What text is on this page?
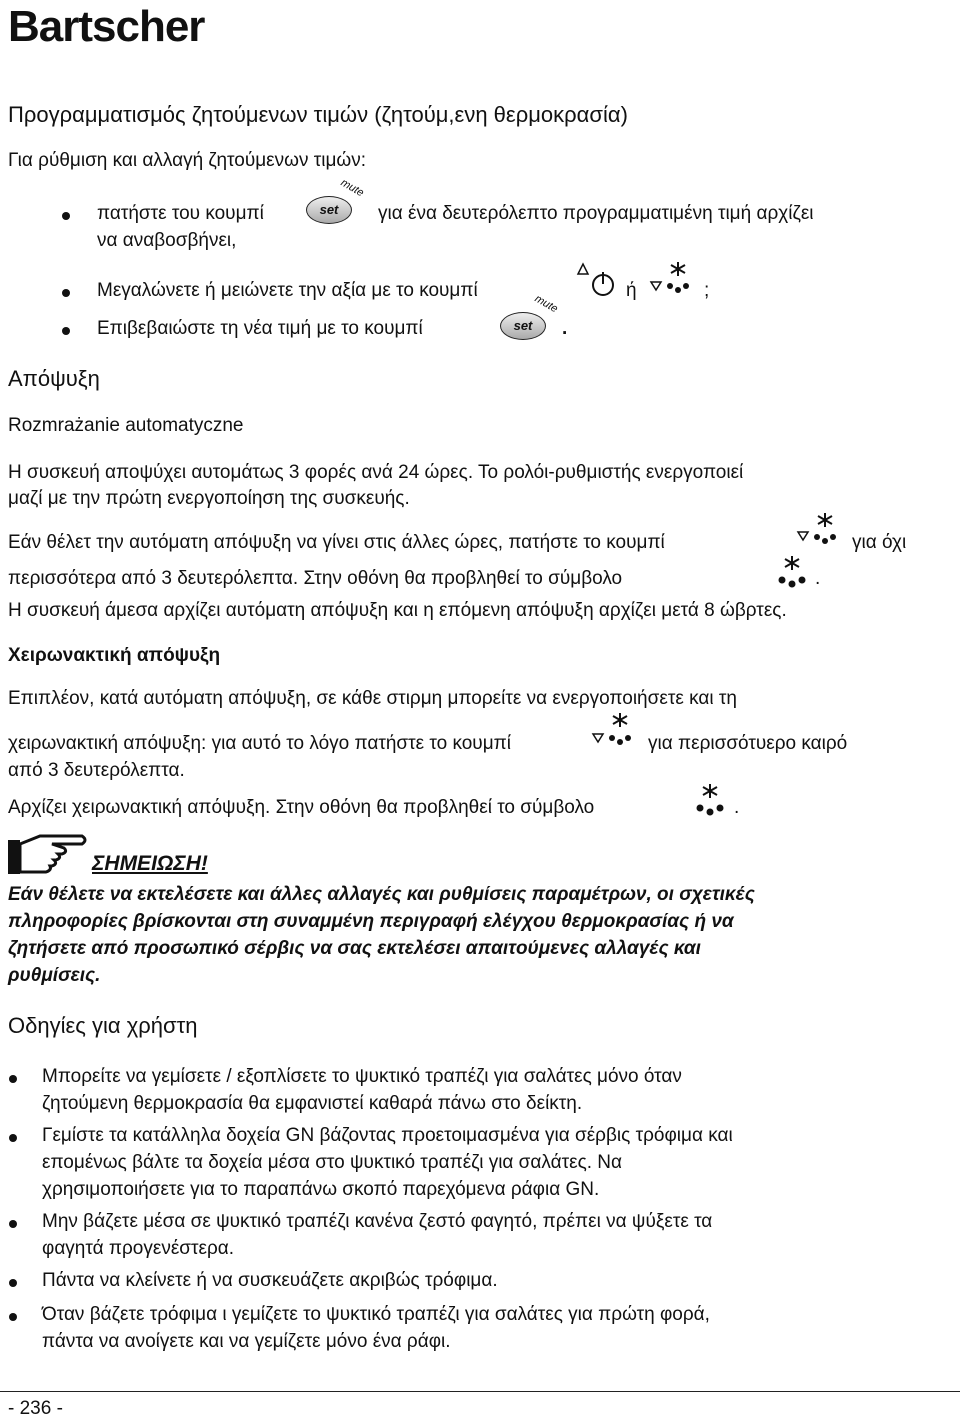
Bartscher
Προγραμματισμός ζητούμενων τιμών (ζητούμ,ενη θερμοκρασία)
Για ρύθμιση και αλλαγή ζητούμενων τιμών:
πατήστε του κουμπί	set
mute
για ένα δευτερόλεπτο προγραμματιμένη τιμή αρχίζει
να αναβοσβήνει,
Μεγαλώνετε ή μειώνετε την αξία με το κουμπί	ή	;
Επιβεβαιώστε τη νέα τιμή με το κουμπί	set
mute
.
Απόψυξη
Rozmrażanie automatyczne
Η συσκευή αποψύχει αυτομάτως 3 φορές ανά 24 ώρες. Το ρολόι-ρυθμιστής ενεργοποιεί
μαζί με την πρώτη ενεργοποίηση της συσκευής.
Εάν θέλετ την αυτόματη απόψυξη να γίνει στις άλλες ώρες, πατήστε το κουμπί	για όχι
περισσότερα από 3 δευτερόλεπτα. Στην οθόνη θα προβληθεί το σύμβολο	.
Η συσκευή άμεσα αρχίζει αυτόματη απόψυξη και η επόμενη απόψυξη αρχίζει μετά 8 ώβρτες.
Χειρωνακτική απόψυξη
Επιπλέον, κατά αυτόματη απόψυξη, σε κάθε στιρμη μπορείτε να ενεργοποιήσετε και τη
χειρωνακτική απόψυξη: για αυτό το λόγο πατήστε το κουμπί	για περισσότυερο καιρό
από 3 δευτερόλεπτα.
Αρχίζει χειρωνακτική απόψυξη. Στην οθόνη θα προβληθεί το σύμβολο	.
ΣΗΜΕΙΩΣΗ!
Εάν θέλετε να εκτελέσετε και άλλες αλλαγές και ρυθμίσεις παραμέτρων, οι σχετικές
πληροφορίες βρίσκονται στη συναμμένη περιγραφή ελέγχου θερμοκρασίας ή να
ζητήσετε από προσωπικό σέρβις να σας εκτελέσει απαιτούμενες αλλαγές και
ρυθμίσεις.
Οδηγίες για χρήστη
Μπορείτε να γεμίσετε / εξοπλίσετε το ψυκτικό τραπέζι για σαλάτες μόνο όταν
ζητούμενη θερμοκρασία θα εμφανιστεί καθαρά πάνω στο δείκτη.
Γεμίστε τα κατάλληλα δοχεία GN βάζοντας προετοιμασμένα για σέρβις τρόφιμα και
επομένως βάλτε τα δοχεία μέσα στο ψυκτικό τραπέζι για σαλάτες. Να
χρησιμοποιήσετε για το παραπάνω σκοπό παρεχόμενα ράφια GN.
Μην βάζετε μέσα σε ψυκτικό τραπέζι κανένα ζεστό φαγητό, πρέπει να ψύξετε τα
φαγητά προγενέστερα.
Πάντα να κλείνετε ή να συσκευάζετε ακριβώς τρόφιμα.
Όταν βάζετε τρόφιμα ι γεμίζετε το ψυκτικό τραπέζι για σαλάτες για πρώτη φορά,
πάντα να ανοίγετε και να γεμίζετε μόνο ένα ράφι.
- 236 -
